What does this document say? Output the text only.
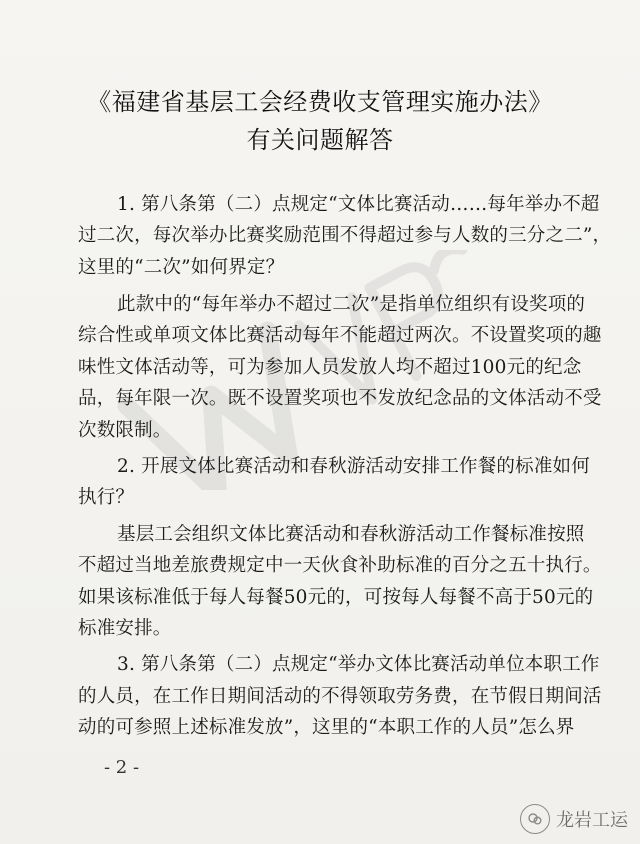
《福建省基层工会经费收支管理实施办法》
有关问题解答
1. 第八条第（二）点规定“文体比赛活动……每年举办不超
过二次，每次举办比赛奖励范围不得超过参与人数的三分之二”，
这里的“二次”如何界定？
此款中的“每年举办不超过二次”是指单位组织有设奖项的
综合性或单项文体比赛活动每年不能超过两次。不设置奖项的趣
味性文体活动等，可为参加人员发放人均不超过100元的纪念
品，每年限一次。既不设置奖项也不发放纪念品的文体活动不受
次数限制。
2. 开展文体比赛活动和春秋游活动安排工作餐的标准如何
执行？
基层工会组织文体比赛活动和春秋游活动工作餐标准按照
不超过当地差旅费规定中一天伙食补助标准的百分之五十执行。
如果该标准低于每人每餐50元的，可按每人每餐不高于50元的
标准安排。
3. 第八条第（二）点规定“举办文体比赛活动单位本职工作
的人员，在工作日期间活动的不得领取劳务费，在节假日期间活
动的可参照上述标准发放”，这里的“本职工作的人员”怎么界
- 2 -
龙岩工运
